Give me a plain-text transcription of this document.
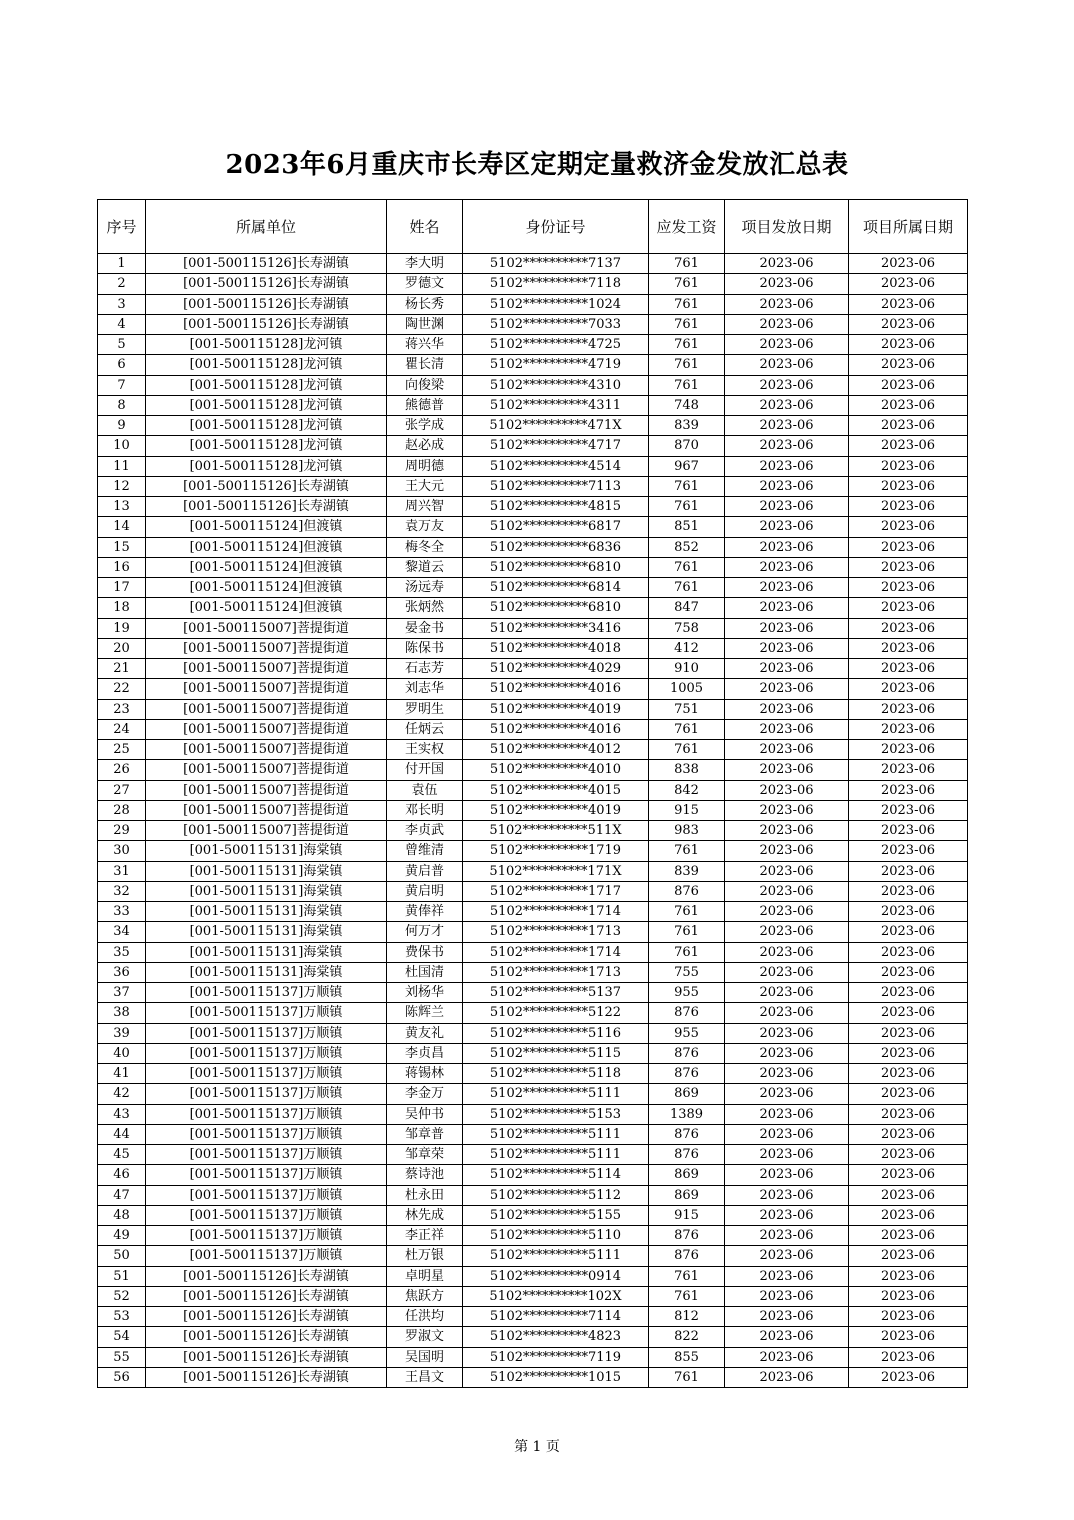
2023年6月重庆市长寿区定期定量救济金发放汇总表
序号	所属单位	姓名	身份证号	应发工资	项目发放日期	项目所属日期
1	[001-500115126]长寿湖镇	李大明	5102**********7137	761	2023-06	2023-06
2	[001-500115126]长寿湖镇	罗德文	5102**********7118	761	2023-06	2023-06
3	[001-500115126]长寿湖镇	杨长秀	5102**********1024	761	2023-06	2023-06
4	[001-500115126]长寿湖镇	陶世渊	5102**********7033	761	2023-06	2023-06
5	[001-500115128]龙河镇	蒋兴华	5102**********4725	761	2023-06	2023-06
6	[001-500115128]龙河镇	瞿长清	5102**********4719	761	2023-06	2023-06
7	[001-500115128]龙河镇	向俊梁	5102**********4310	761	2023-06	2023-06
8	[001-500115128]龙河镇	熊德普	5102**********4311	748	2023-06	2023-06
9	[001-500115128]龙河镇	张学成	5102**********471X	839	2023-06	2023-06
10	[001-500115128]龙河镇	赵必成	5102**********4717	870	2023-06	2023-06
11	[001-500115128]龙河镇	周明德	5102**********4514	967	2023-06	2023-06
12	[001-500115126]长寿湖镇	王大元	5102**********7113	761	2023-06	2023-06
13	[001-500115126]长寿湖镇	周兴智	5102**********4815	761	2023-06	2023-06
14	[001-500115124]但渡镇	袁万友	5102**********6817	851	2023-06	2023-06
15	[001-500115124]但渡镇	梅冬全	5102**********6836	852	2023-06	2023-06
16	[001-500115124]但渡镇	黎道云	5102**********6810	761	2023-06	2023-06
17	[001-500115124]但渡镇	汤远寿	5102**********6814	761	2023-06	2023-06
18	[001-500115124]但渡镇	张炳然	5102**********6810	847	2023-06	2023-06
19	[001-500115007]菩提街道	晏金书	5102**********3416	758	2023-06	2023-06
20	[001-500115007]菩提街道	陈保书	5102**********4018	412	2023-06	2023-06
21	[001-500115007]菩提街道	石志芳	5102**********4029	910	2023-06	2023-06
22	[001-500115007]菩提街道	刘志华	5102**********4016	1005	2023-06	2023-06
23	[001-500115007]菩提街道	罗明生	5102**********4019	751	2023-06	2023-06
24	[001-500115007]菩提街道	任炳云	5102**********4016	761	2023-06	2023-06
25	[001-500115007]菩提街道	王实权	5102**********4012	761	2023-06	2023-06
26	[001-500115007]菩提街道	付开国	5102**********4010	838	2023-06	2023-06
27	[001-500115007]菩提街道	袁伍	5102**********4015	842	2023-06	2023-06
28	[001-500115007]菩提街道	邓长明	5102**********4019	915	2023-06	2023-06
29	[001-500115007]菩提街道	李贞武	5102**********511X	983	2023-06	2023-06
30	[001-500115131]海棠镇	曾维清	5102**********1719	761	2023-06	2023-06
31	[001-500115131]海棠镇	黄启普	5102**********171X	839	2023-06	2023-06
32	[001-500115131]海棠镇	黄启明	5102**********1717	876	2023-06	2023-06
33	[001-500115131]海棠镇	黄俸祥	5102**********1714	761	2023-06	2023-06
34	[001-500115131]海棠镇	何万才	5102**********1713	761	2023-06	2023-06
35	[001-500115131]海棠镇	费保书	5102**********1714	761	2023-06	2023-06
36	[001-500115131]海棠镇	杜国清	5102**********1713	755	2023-06	2023-06
37	[001-500115137]万顺镇	刘杨华	5102**********5137	955	2023-06	2023-06
38	[001-500115137]万顺镇	陈辉兰	5102**********5122	876	2023-06	2023-06
39	[001-500115137]万顺镇	黄友礼	5102**********5116	955	2023-06	2023-06
40	[001-500115137]万顺镇	李贞昌	5102**********5115	876	2023-06	2023-06
41	[001-500115137]万顺镇	蒋锡林	5102**********5118	876	2023-06	2023-06
42	[001-500115137]万顺镇	李金万	5102**********5111	869	2023-06	2023-06
43	[001-500115137]万顺镇	吴仲书	5102**********5153	1389	2023-06	2023-06
44	[001-500115137]万顺镇	邹章普	5102**********5111	876	2023-06	2023-06
45	[001-500115137]万顺镇	邹章荣	5102**********5111	876	2023-06	2023-06
46	[001-500115137]万顺镇	蔡诗池	5102**********5114	869	2023-06	2023-06
47	[001-500115137]万顺镇	杜永田	5102**********5112	869	2023-06	2023-06
48	[001-500115137]万顺镇	林先成	5102**********5155	915	2023-06	2023-06
49	[001-500115137]万顺镇	李正祥	5102**********5110	876	2023-06	2023-06
50	[001-500115137]万顺镇	杜万银	5102**********5111	876	2023-06	2023-06
51	[001-500115126]长寿湖镇	卓明星	5102**********0914	761	2023-06	2023-06
52	[001-500115126]长寿湖镇	焦跃方	5102**********102X	761	2023-06	2023-06
53	[001-500115126]长寿湖镇	任洪均	5102**********7114	812	2023-06	2023-06
54	[001-500115126]长寿湖镇	罗淑文	5102**********4823	822	2023-06	2023-06
55	[001-500115126]长寿湖镇	吴国明	5102**********7119	855	2023-06	2023-06
56	[001-500115126]长寿湖镇	王昌文	5102**********1015	761	2023-06	2023-06
第 1 页
